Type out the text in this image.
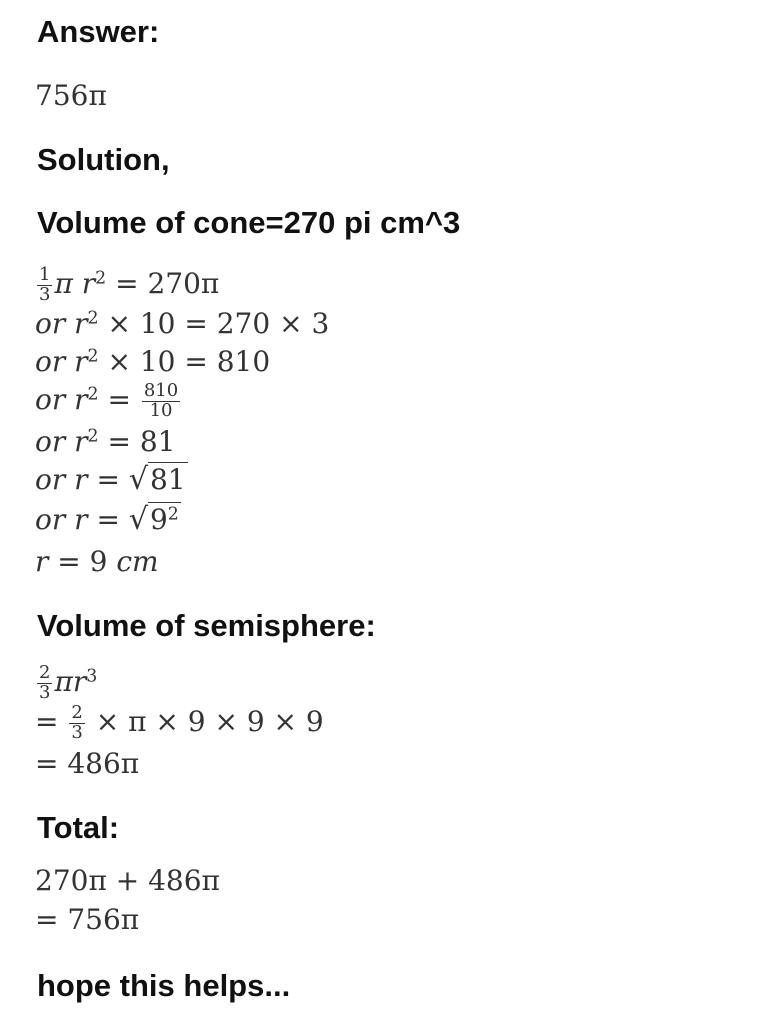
Answer:
756π
Solution,
Volume of cone=270 pi cm^3
$\frac{1}{3}$ π $r^2 = 270\pi$
or $r^2 \times 10 = 270 \times 3$
or $r^2 \times 10 = 810$
or $r^2 = \frac{810}{10}$
or $r^2 = 81$
or r = √81
or $r = √9^2$
r = 9 cm
Volume of semisphere:
$\frac{2}{3} \pi r^3$
= $\frac{2}{3} \times \pi \times 9 \times 9 \times 9$
= 486π
Total:
270π + 486π
= 756π
hope this helps...
